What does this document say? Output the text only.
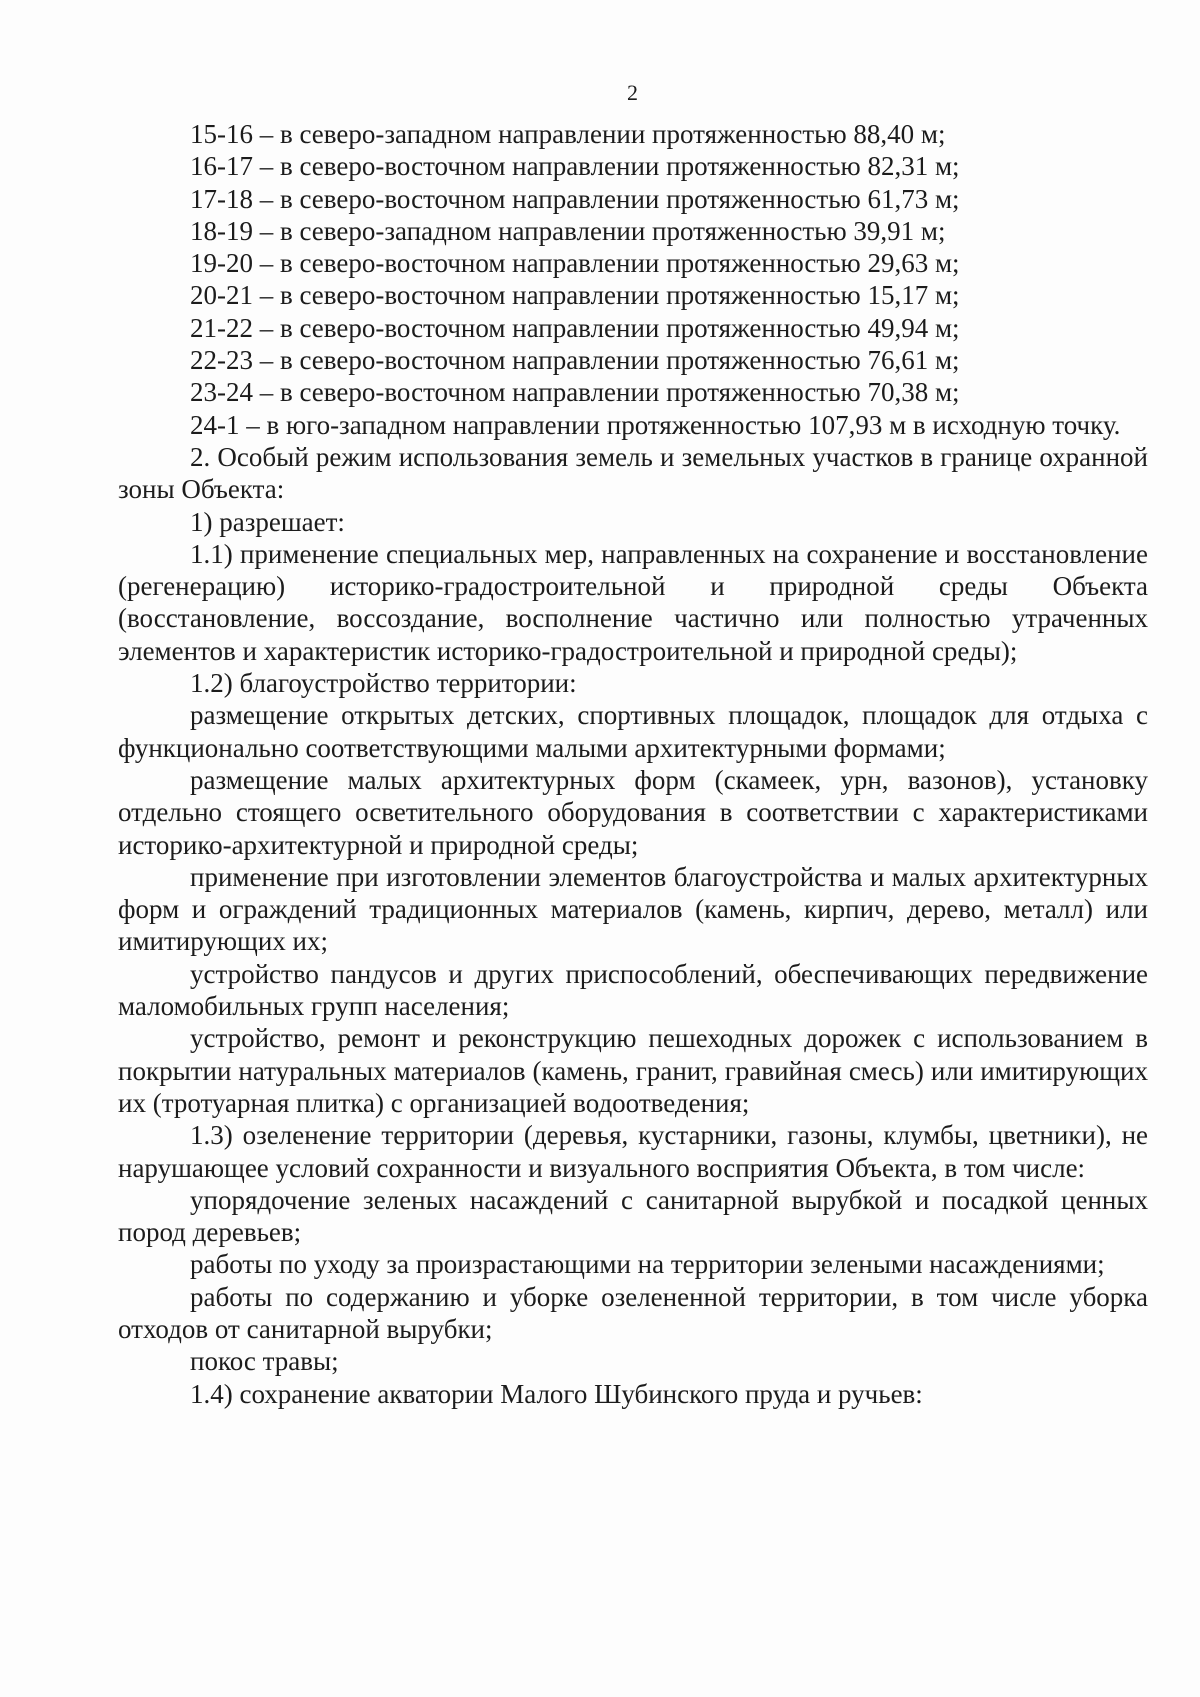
2
15-16 – в северо-западном направлении протяженностью 88,40 м;
16-17 – в северо-восточном направлении протяженностью 82,31 м;
17-18 – в северо-восточном направлении протяженностью 61,73 м;
18-19 – в северо-западном направлении протяженностью 39,91 м;
19-20 – в северо-восточном направлении протяженностью 29,63 м;
20-21 – в северо-восточном направлении протяженностью 15,17 м;
21-22 – в северо-восточном направлении протяженностью 49,94 м;
22-23 – в северо-восточном направлении протяженностью 76,61 м;
23-24 – в северо-восточном направлении протяженностью 70,38 м;

24-1 – в юго-западном направлении протяженностью 107,93 м в исходную точку.

2. Особый режим использования земель и земельных участков в границе охранной зоны Объекта:

1) разрешает:

1.1) применение специальных мер, направленных на сохранение и восстановление (регенерацию) историко-градостроительной и природной среды Объекта (восстановление, воссоздание, восполнение частично или полностью утраченных элементов и характеристик историко-градостроительной и природной среды);

1.2) благоустройство территории:

размещение открытых детских, спортивных площадок, площадок для отдыха с функционально соответствующими малыми архитектурными формами;

размещение малых архитектурных форм (скамеек, урн, вазонов), установку отдельно стоящего осветительного оборудования в соответствии с характеристиками историко-архитектурной и природной среды;

применение при изготовлении элементов благоустройства и малых архитектурных форм и ограждений традиционных материалов (камень, кирпич, дерево, металл) или имитирующих их;

устройство пандусов и других приспособлений, обеспечивающих передвижение маломобильных групп населения;

устройство, ремонт и реконструкцию пешеходных дорожек с использованием в покрытии натуральных материалов (камень, гранит, гравийная смесь) или имитирующих их (тротуарная плитка) с организацией водоотведения;

1.3) озеленение территории (деревья, кустарники, газоны, клумбы, цветники), не нарушающее условий сохранности и визуального восприятия Объекта, в том числе:

упорядочение зеленых насаждений с санитарной вырубкой и посадкой ценных пород деревьев;

работы по уходу за произрастающими на территории зелеными насаждениями;

работы по содержанию и уборке озелененной территории, в том числе уборка отходов от санитарной вырубки;

покос травы;

1.4) сохранение акватории Малого Шубинского пруда и ручьев:
